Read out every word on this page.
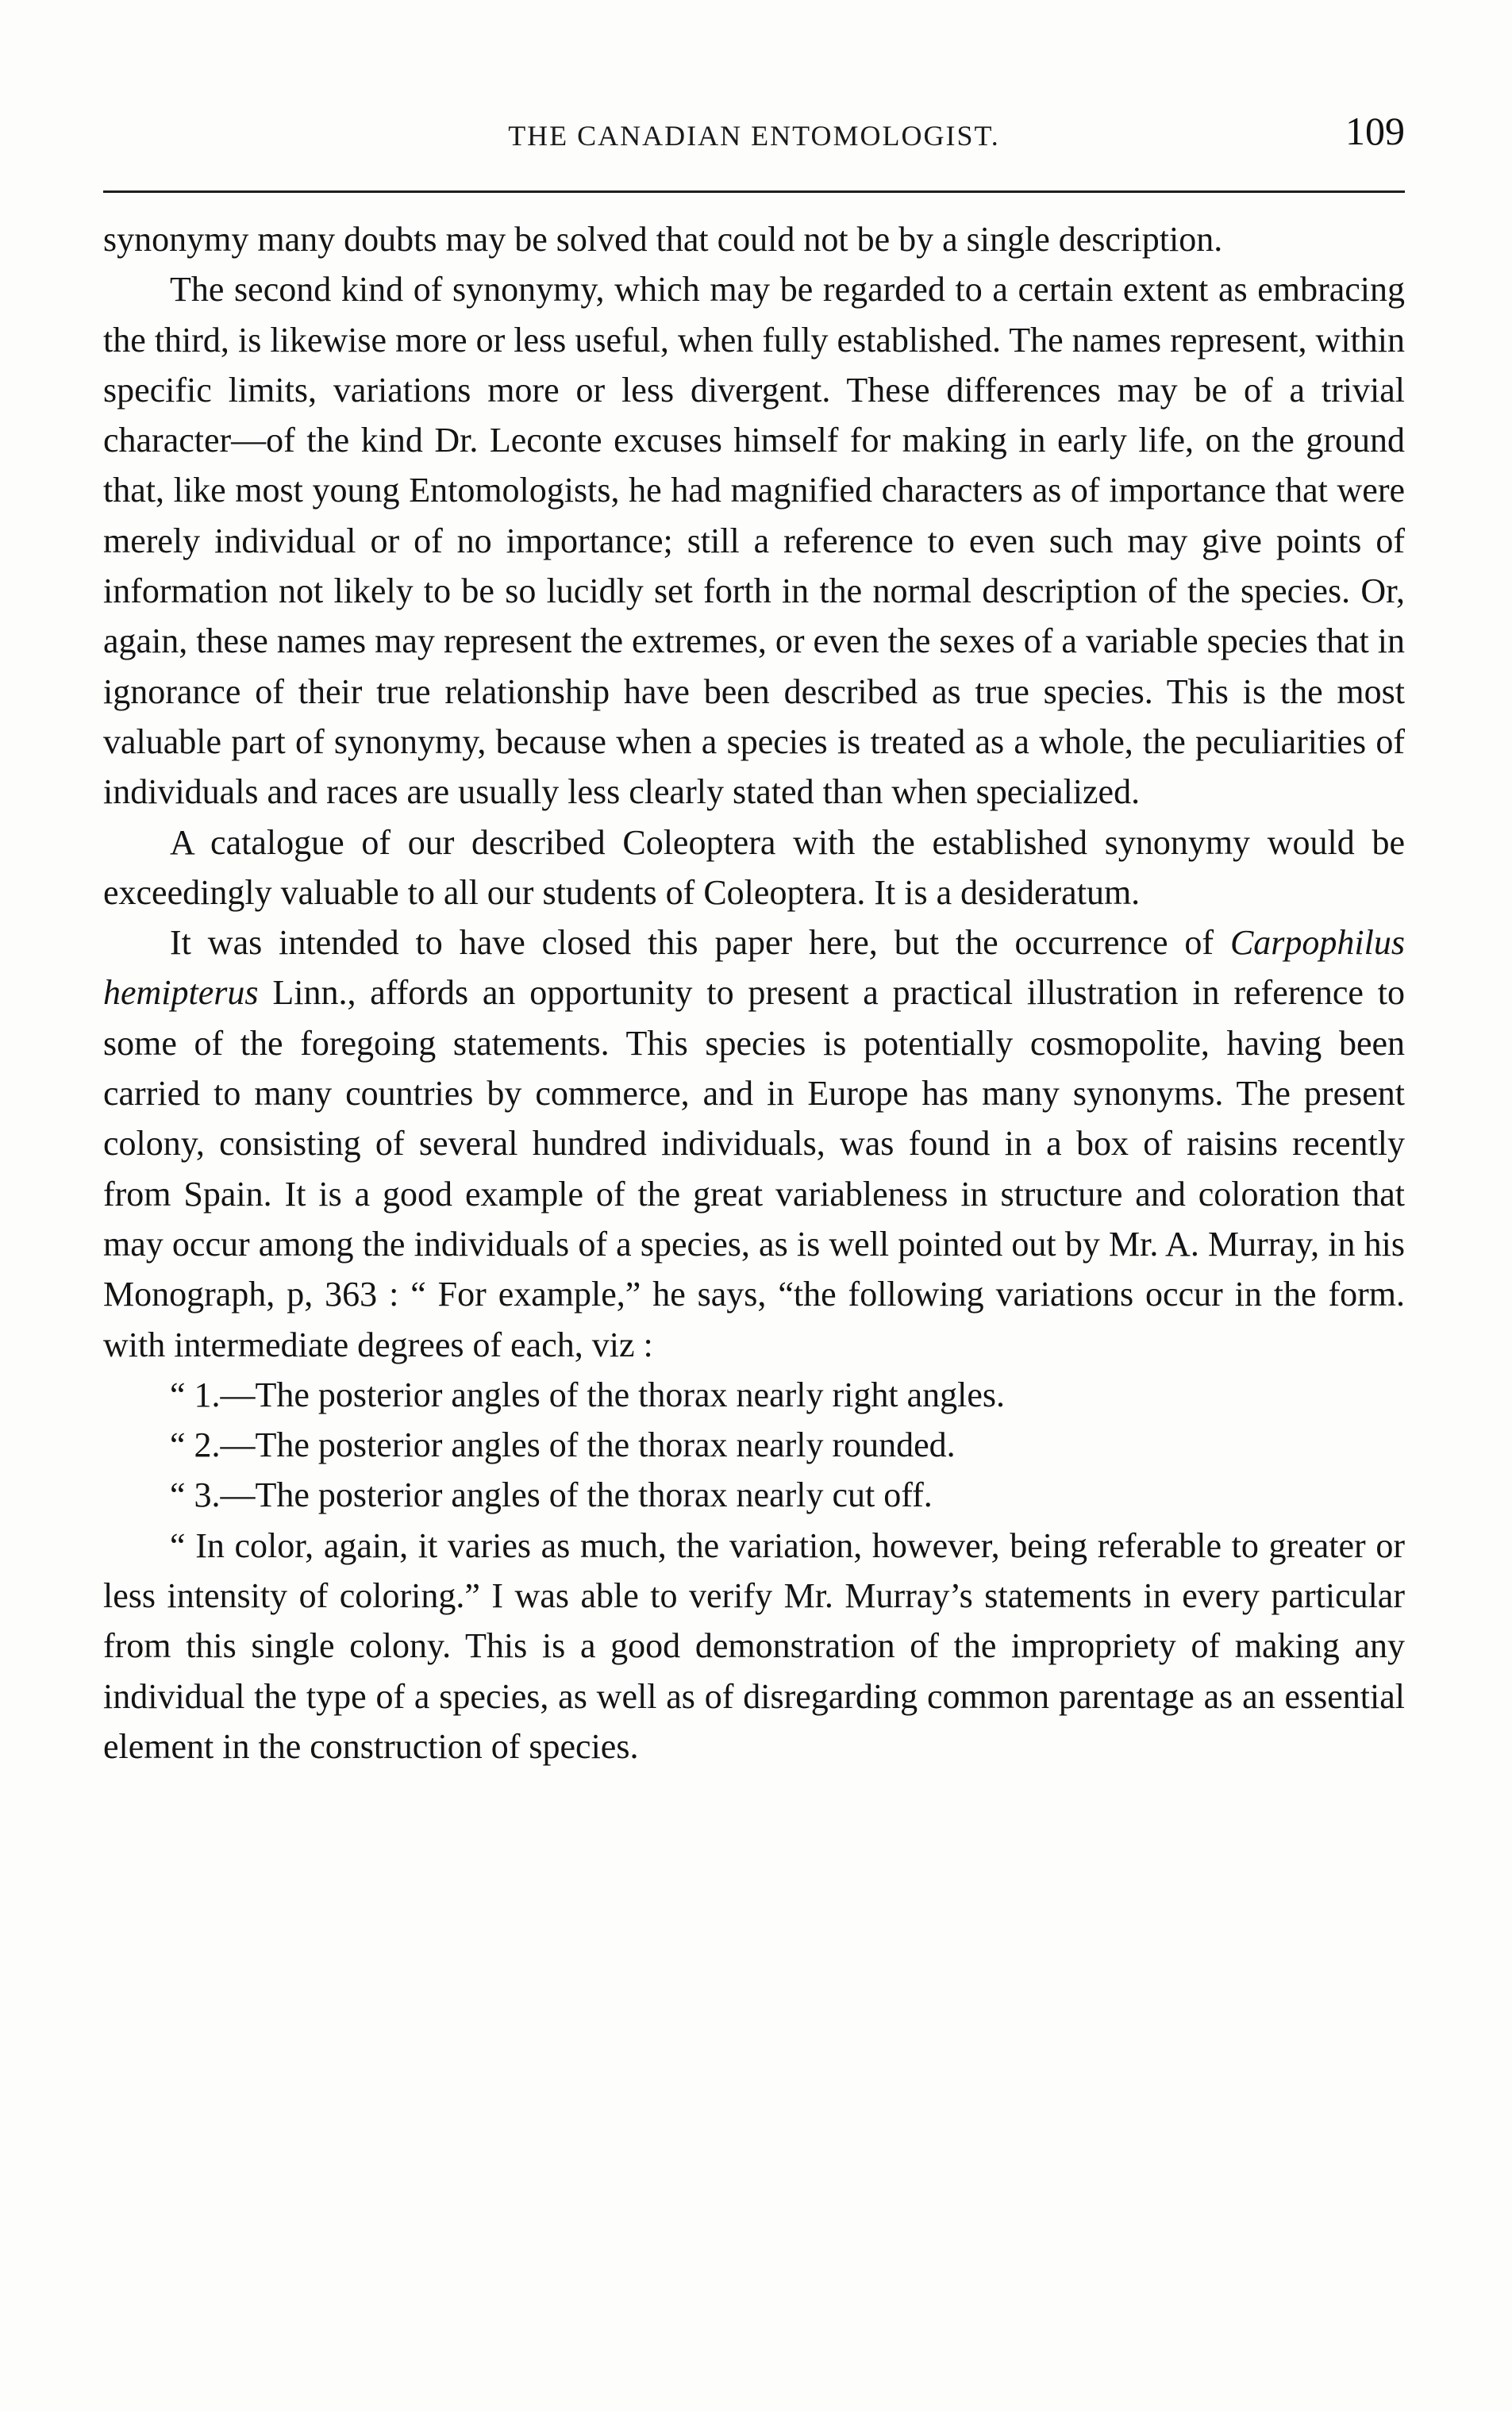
THE CANADIAN ENTOMOLOGIST.	109

synonymy many doubts may be solved that could not be by a single description.

The second kind of synonymy, which may be regarded to a certain extent as embracing the third, is likewise more or less useful, when fully established. The names represent, within specific limits, variations more or less divergent. These differences may be of a trivial character—of the kind Dr. Leconte excuses himself for making in early life, on the ground that, like most young Entomologists, he had magnified characters as of importance that were merely individual or of no importance; still a reference to even such may give points of information not likely to be so lucidly set forth in the normal description of the species. Or, again, these names may represent the extremes, or even the sexes of a variable species that in ignorance of their true relationship have been described as true species. This is the most valuable part of synonymy, because when a species is treated as a whole, the peculiarities of individuals and races are usually less clearly stated than when specialized.

A catalogue of our described Coleoptera with the established synonymy would be exceedingly valuable to all our students of Coleoptera. It is a desideratum.

It was intended to have closed this paper here, but the occurrence of Carpophilus hemipterus Linn., affords an opportunity to present a practical illustration in reference to some of the foregoing statements. This species is potentially cosmopolite, having been carried to many countries by commerce, and in Europe has many synonyms. The present colony, consisting of several hundred individuals, was found in a box of raisins recently from Spain. It is a good example of the great variableness in structure and coloration that may occur among the individuals of a species, as is well pointed out by Mr. A. Murray, in his Monograph, p, 363 : “ For example,” he says, “the following variations occur in the form. with intermediate degrees of each, viz :

“ 1.—The posterior angles of the thorax nearly right angles.

“ 2.—The posterior angles of the thorax nearly rounded.

“ 3.—The posterior angles of the thorax nearly cut off.

“ In color, again, it varies as much, the variation, however, being referable to greater or less intensity of coloring.” I was able to verify Mr. Murray’s statements in every particular from this single colony. This is a good demonstration of the impropriety of making any individual the type of a species, as well as of disregarding common parentage as an essential element in the construction of species.
